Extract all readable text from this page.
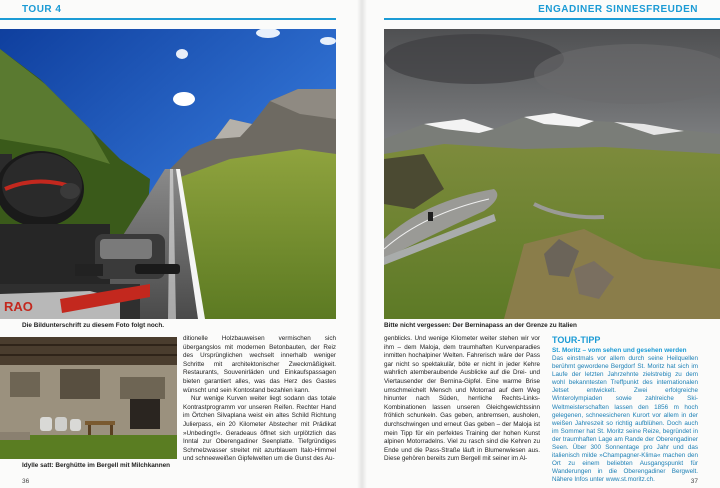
TOUR 4	ENGADINER SINNESFREUDEN
RAO
Die Bildunterschrift zu diesem Foto folgt noch.	Bitte nicht vergessen: Der Berninapass an der Grenze zu Italien
Idylle satt: Berghütte im Bergell mit Milchkannen

ditionelle Holzbauweisen vermischen sich übergangslos mit modernen Betonbauten, der Reiz des Ursprünglichen wechselt innerhalb weniger Schritte mit architektonischer Zweckmäßigkeit. Restaurants, Souvenirläden und Einkaufspassagen bieten garantiert alles, was das Herz des Gastes wünscht und sein Kontostand bezahlen kann.

Nur wenige Kurven weiter liegt sodann das totale Kontrastprogramm vor unseren Reifen. Rechter Hand im Örtchen Silvaplana weist ein altes Schild Richtung Julierpass, ein 20 Kilometer Abstecher mit Prädikat »Unbedingt!«. Geradeaus öffnet sich urplötzlich das Inntal zur Oberengadiner Seenplatte. Tiefgründiges Schmelzwasser streitet mit azurblauem Italo-Himmel und schneeweißen Gipfelwelten um die Gunst des Au-

genblicks. Und wenige Kilometer weiter stehen wir vor ihm – dem Maloja, dem traumhaften Kurvenparadies inmitten hochalpiner Welten. Fahrerisch wäre der Pass gar nicht so spektakulär, böte er nicht in jeder Kehre wahrlich atemberaubende Ausblicke auf die Drei- und Viertausender der Bernina-Gipfel. Eine warme Brise umschmeichelt Mensch und Motorrad auf dem Weg hinunter nach Süden, herrliche Rechts-Links-Kombinationen lassen unseren Gleichgewichtssinn fröhlich schunkeln. Gas geben, anbremsen, ausholen, durchschwingen und erneut Gas geben – der Maloja ist mein Tipp für ein perfektes Training der hohen Kunst alpinen Motorradelns. Viel zu rasch sind die Kehren zu Ende und die Pass-Straße läuft in Blumenwiesen aus. Diese gehören bereits zum Bergell mit seiner im Al-

TOUR-TIPP
St. Moritz – vom sehen und gesehen werden
Das einstmals vor allem durch seine Heilquellen berühmt gewordene Bergdorf St. Moritz hat sich im Laufe der letzten Jahrzehnte zielstrebig zu dem wohl bekanntesten Treffpunkt des internationalen Jetset entwickelt. Zwei erfolgreiche Winterolympiaden sowie zahlreiche Ski-Weltmeisterschaften lassen den 1856 m hoch gelegenen, schneesicheren Kurort vor allem in der weißen Jahreszeit so richtig aufblühen. Doch auch im Sommer hat St. Moritz seine Reize, begründet in der traumhaften Lage am Rande der Oberengadiner Seen. Über 300 Sonnentage pro Jahr und das italienisch milde »Champagner-Klima« machen den Ort zu einem beliebten Ausgangspunkt für Wanderungen in die Oberengadiner Bergwelt. Nähere Infos unter www.st.moritz.ch.
36	37
